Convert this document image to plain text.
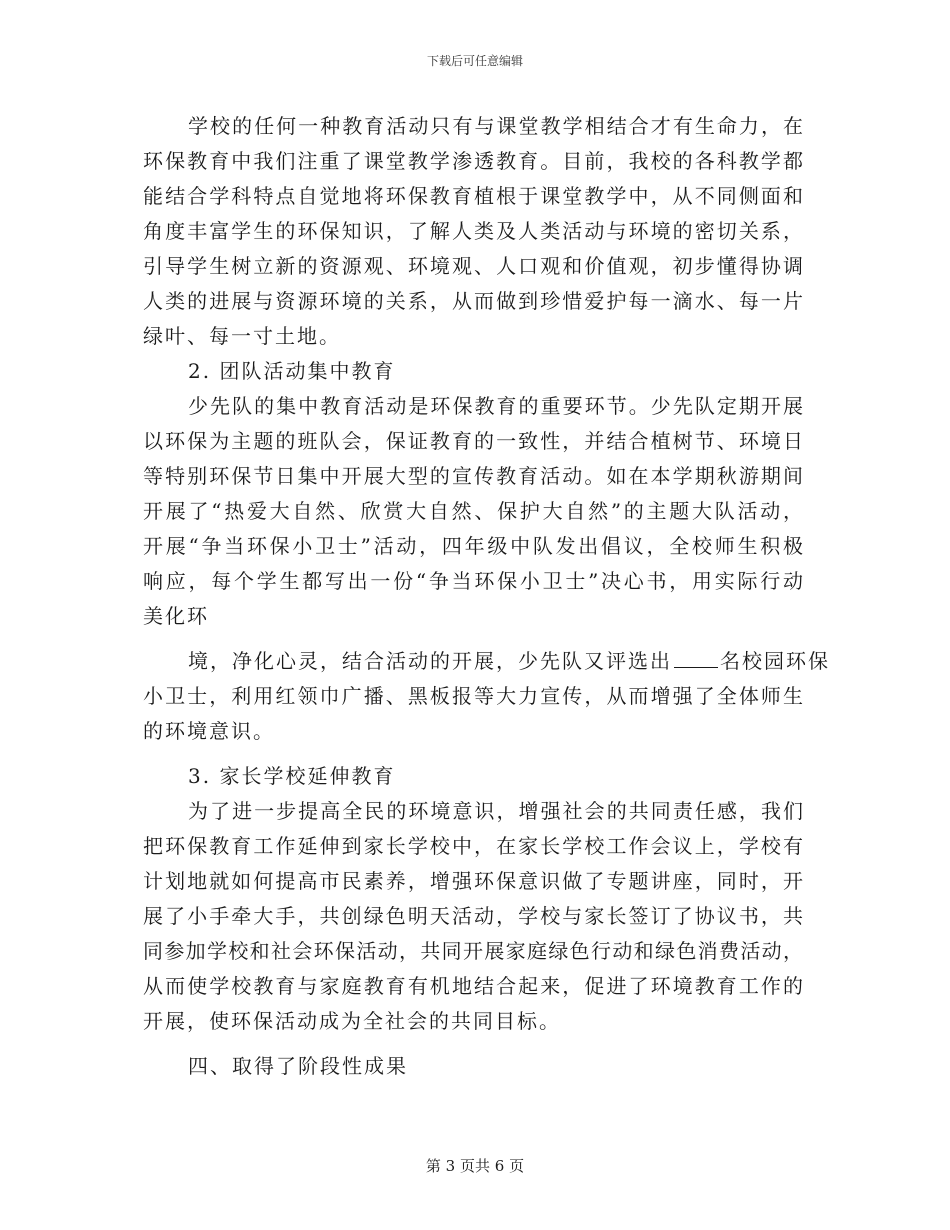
下载后可任意编辑
学校的任何一种教育活动只有与课堂教学相结合才有生命力，在
环保教育中我们注重了课堂教学渗透教育。目前，我校的各科教学都
能结合学科特点自觉地将环保教育植根于课堂教学中，从不同侧面和
角度丰富学生的环保知识，了解人类及人类活动与环境的密切关系，
引导学生树立新的资源观、环境观、人口观和价值观，初步懂得协调
人类的进展与资源环境的关系，从而做到珍惜爱护每一滴水、每一片
绿叶、每一寸土地。
2. 团队活动集中教育
少先队的集中教育活动是环保教育的重要环节。少先队定期开展
以环保为主题的班队会，保证教育的一致性，并结合植树节、环境日
等特别环保节日集中开展大型的宣传教育活动。如在本学期秋游期间
开展了“热爱大自然、欣赏大自然、保护大自然”的主题大队活动，
开展“争当环保小卫士”活动，四年级中队发出倡议，全校师生积极
响应，每个学生都写出一份“争当环保小卫士”决心书，用实际行动
美化环
境，净化心灵，结合活动的开展，少先队又评选出 名校园环保
小卫士，利用红领巾广播、黑板报等大力宣传，从而增强了全体师生
的环境意识。
3. 家长学校延伸教育
为了进一步提高全民的环境意识，增强社会的共同责任感，我们
把环保教育工作延伸到家长学校中，在家长学校工作会议上，学校有
计划地就如何提高市民素养，增强环保意识做了专题讲座，同时，开
展了小手牵大手，共创绿色明天活动，学校与家长签订了协议书，共
同参加学校和社会环保活动，共同开展家庭绿色行动和绿色消费活动，
从而使学校教育与家庭教育有机地结合起来，促进了环境教育工作的
开展，使环保活动成为全社会的共同目标。
四、取得了阶段性成果
第 3 页共 6 页
